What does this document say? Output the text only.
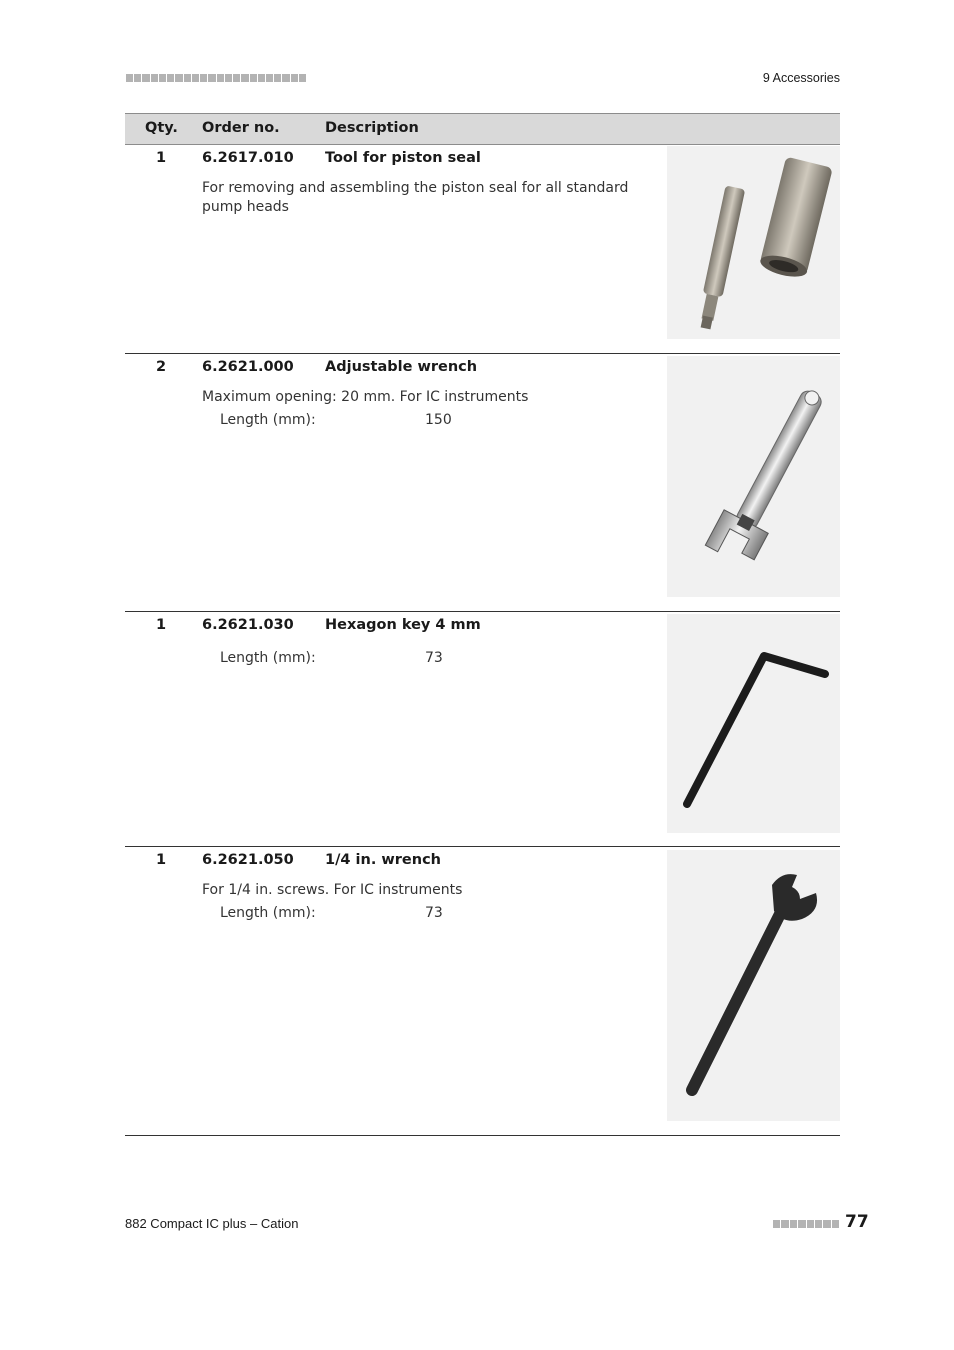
9 Accessories
Qty. Order no.	Description
1 6.2617.010 Tool for piston seal
For removing and assembling the piston seal for all standard pump heads
2 6.2621.000 Adjustable wrench
Maximum opening: 20 mm. For IC instruments
Length (mm):	150
1 6.2621.030 Hexagon key 4 mm
Length (mm):	73
1 6.2621.050 1/4 in. wrench
For 1/4 in. screws. For IC instruments
Length (mm):	73
882 Compact IC plus – Cation	77
